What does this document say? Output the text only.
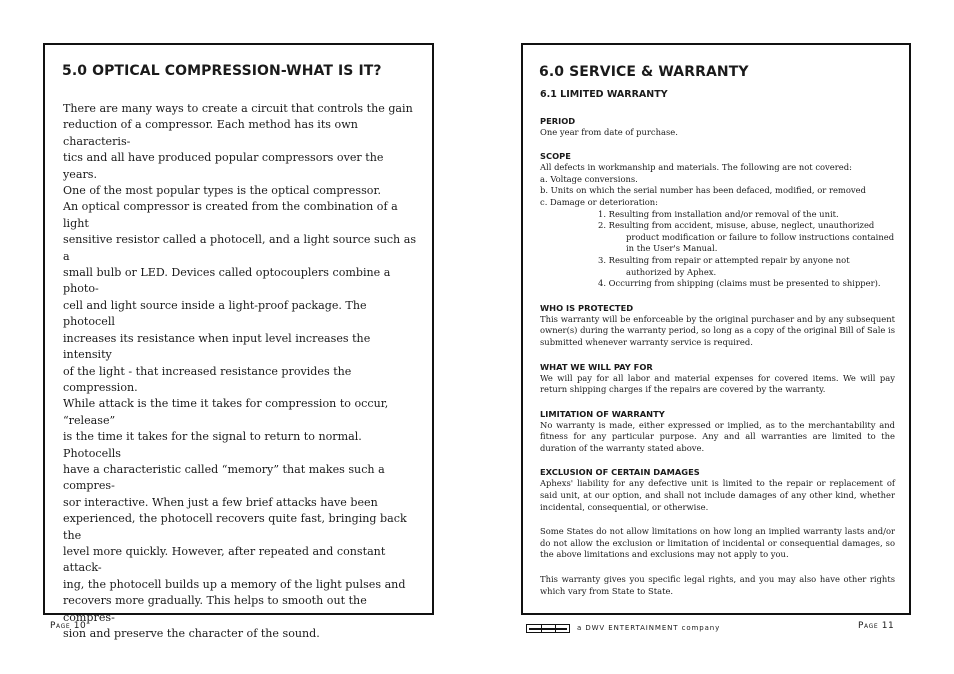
5.0 OPTICAL COMPRESSION-WHAT IS IT?

There are many ways to create a circuit that controls the gain

reduction of a compressor. Each method has its own characteris-

tics and all have produced popular compressors over the years.

One of the most popular types is the optical compressor.

An optical compressor is created from the combination of a light

sensitive resistor called a photocell, and a light source such as a

small bulb or LED. Devices called optocouplers combine a photo-

cell and light source inside a light-proof package. The photocell

increases its resistance when input level increases the intensity

of the light - that increased resistance provides the compression.

While attack is the time it takes for compression to occur, “release”

is the time it takes for the signal to return to normal. Photocells

have a characteristic called “memory” that makes such a compres-

sor interactive. When just a few brief attacks have been

experienced, the photocell recovers quite fast, bringing back the

level more quickly. However, after repeated and constant attack-

ing, the photocell builds up a memory of the light pulses and

recovers more gradually. This helps to smooth out the compres-

sion and preserve the character of the sound.

6.0 SERVICE & WARRANTY
6.1 LIMITED WARRANTY
PERIOD

One year from date of purchase.

SCOPE

All defects in workmanship and materials. The following are not covered:

a. Voltage conversions.

b. Units on which the serial number has been defaced, modified, or removed

c. Damage or deterioration:

1. Resulting from installation and/or removal of the unit.

2. Resulting from accident, misuse, abuse, neglect, unauthorized product modification or failure to follow instructions contained in the User's Manual.

3. Resulting from repair or attempted repair by anyone not authorized by Aphex.

4. Occurring from shipping (claims must be presented to shipper).

WHO IS PROTECTED

This warranty will be enforceable by the original purchaser and by any subsequent owner(s) during the warranty period, so long as a copy of the original Bill of Sale is submitted whenever warranty service is required.

WHAT WE WILL PAY FOR

We will pay for all labor and material expenses for covered items. We will pay return shipping charges if the repairs are covered by the warranty.

LIMITATION OF WARRANTY

No warranty is made, either expressed or implied, as to the merchantability and fitness for any particular purpose. Any and all warranties are limited to the duration of the warranty stated above.

EXCLUSION OF CERTAIN DAMAGES

Aphexs' liability for any defective unit is limited to the repair or replacement of said unit, at our option, and shall not include damages of any other kind, whether incidental, consequential, or otherwise.

Some States do not allow limitations on how long an implied warranty lasts and/or do not allow the exclusion or limitation of incidental or consequential damages, so the above limitations and exclusions may not apply to you.

This warranty gives you specific legal rights, and you may also have other rights which vary from State to State.

Page 10	a DWV ENTERTAINMENT company	Page 11
